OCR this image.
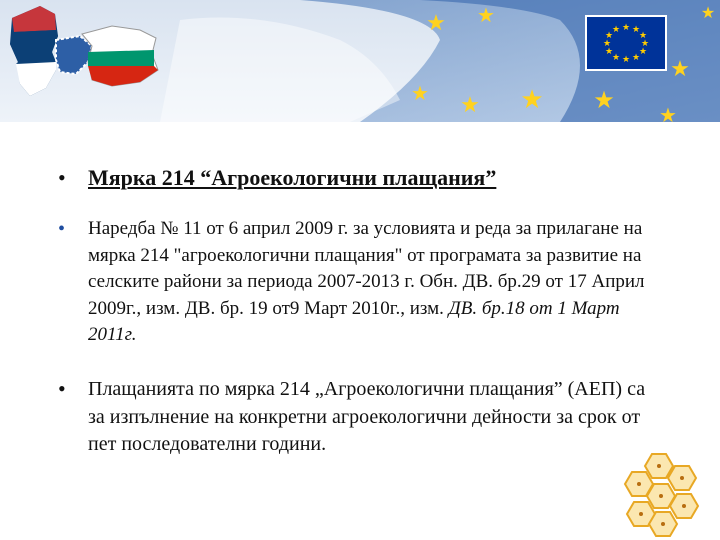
★ ★
★
★
★
★
★
★
★
★
★
★
★ ★
★
★
★	★
★
★
★
• Мярка 214 “Агроекологични плащания”
• Наредба № 11 от 6 април 2009 г. за условията и реда за прилагане на мярка 214 "агроекологични плащания" от програмата за развитие на селските райони за периода 2007-2013 г. Обн. ДВ. бр.29 от 17 Април 2009г., изм. ДВ. бр. 19 от9 Март 2010г., изм. ДВ. бр.18 от 1 Март 2011г.
• Плащанията по мярка 214 „Агроекологични плащания” (АЕП) са за изпълнение на конкретни агроекологични дейности за срок от пет последователни години.
